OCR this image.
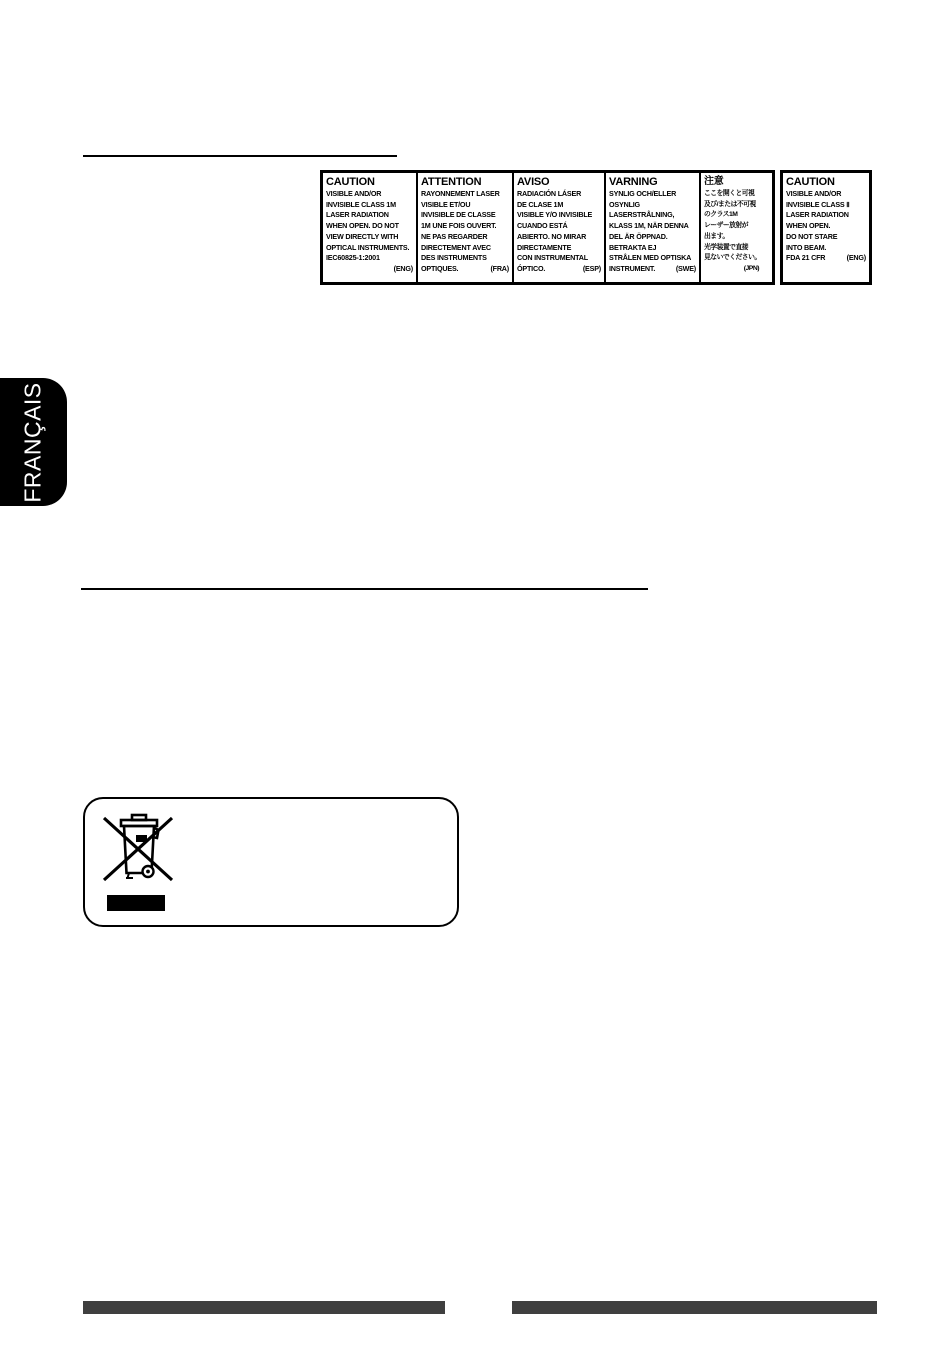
CAUTION
VISIBLE AND/OR
INVISIBLE CLASS 1M
LASER RADIATION
WHEN OPEN. DO NOT
VIEW DIRECTLY WITH
OPTICAL INSTRUMENTS.
IEC60825-1:2001
(ENG)
ATTENTION
RAYONNEMENT LASER
VISIBLE ET/OU
INVISIBLE DE CLASSE
1M UNE FOIS OUVERT.
NE PAS REGARDER
DIRECTEMENT AVEC
DES INSTRUMENTS
OPTIQUES.	(FRA)
AVISO
RADIACIÓN LÁSER
DE CLASE 1M
VISIBLE Y/O INVISIBLE
CUANDO ESTÁ
ABIERTO. NO MIRAR
DIRECTAMENTE
CON INSTRUMENTAL
ÓPTICO.	(ESP)
VARNING
SYNLIG OCH/ELLER
OSYNLIG
LASERSTRÅLNING,
KLASS 1M, NÄR DENNA
DEL ÄR ÖPPNAD.
BETRAKTA EJ
STRÅLEN MED OPTISKA
INSTRUMENT.	(SWE)
注意
ここを開くと可視
及び/または不可視
のクラス1M
レーザー放射が
出ます。
光学装置で直接
見ないでください。
(JPN)
CAUTION
VISIBLE AND/OR
INVISIBLE CLASS Ⅱ
LASER RADIATION
WHEN OPEN.
DO NOT STARE
INTO BEAM.
FDA 21 CFR	(ENG)
FRANÇAIS
